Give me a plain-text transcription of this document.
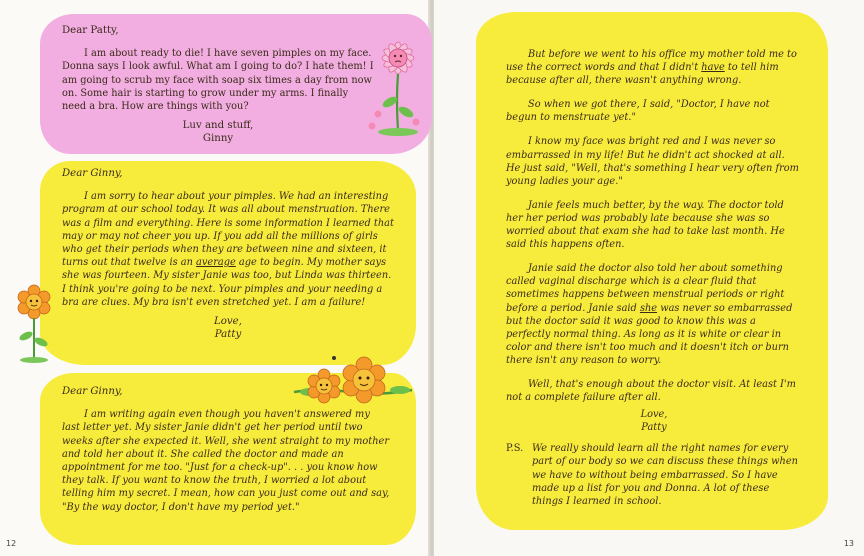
Dear Patty,
I am about ready to die! I have seven pimples on my face. Donna says I look awful. What am I going to do? I hate them! I am going to scrub my face with soap six times a day from now on. Some hair is starting to grow under my arms. I finally need a bra. How are things with you?
Luv and stuff,
Ginny

Dear Ginny,
I am sorry to hear about your pimples. We had an interesting program at our school today. It was all about menstruation. There was a film and everything. Here is some information I learned that may or may not cheer you up. If you add all the millions of girls who get their periods when they are between nine and sixteen, it turns out that twelve is an average age to begin. My mother says she was fourteen. My sister Janie was too, but Linda was thirteen. I think you're going to be next. Your pimples and your needing a bra are clues. My bra isn't even stretched yet. I am a failure!
Love,
Patty

Dear Ginny,
I am writing again even though you haven't answered my last letter yet. My sister Janie didn't get her period until two weeks after she expected it. Well, she went straight to my mother and told her about it. She called the doctor and made an appointment for me too. "Just for a check-up". . . you know how they talk. If you want to know the truth, I worried a lot about telling him my secret. I mean, how can you just come out and say, "By the way doctor, I don't have my period yet."

But before we went to his office my mother told me to use the correct words and that I didn't have to tell him because after all, there wasn't anything wrong.

So when we got there, I said, "Doctor, I have not begun to menstruate yet."

I know my face was bright red and I was never so embarrassed in my life! But he didn't act shocked at all. He just said, "Well, that's something I hear very often from young ladies your age."

Janie feels much better, by the way. The doctor told her her period was probably late because she was so worried about that exam she had to take last month. He said this happens often.

Janie said the doctor also told her about something called vaginal discharge which is a clear fluid that sometimes happens between menstrual periods or right before a period. Janie said she was never so embarrassed but the doctor said it was good to know this was a perfectly normal thing. As long as it is white or clear in color and there isn't too much and it doesn't itch or burn there isn't any reason to worry.

Well, that's enough about the doctor visit. At least I'm not a complete failure after all.

Love,
Patty

P.S. We really should learn all the right names for every part of our body so we can discuss these things when we have to without being embarrassed. So I have made up a list for you and Donna. A lot of these things I learned in school.

12	13
